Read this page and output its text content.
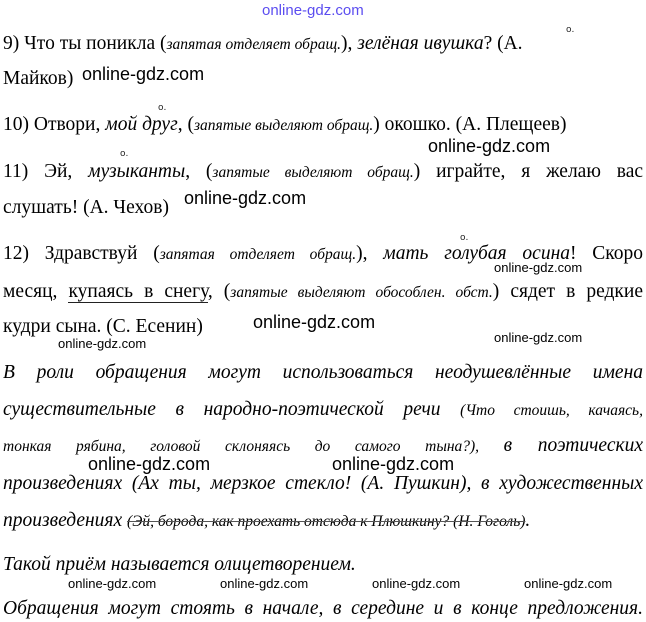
online-gdz.com
о.
9) Что ты поникла (запятая отделяет обращ.), зелёная ивушка? (А.
Майков) online-gdz.com
о.
10) Отвори, мой друг, (запятые выделяют обращ.) окошко. (А. Плещеев)
online-gdz.com
о.
11) Эй, музыканты, (запятые выделяют обращ.) играйте, я желаю вас
слушать! (А. Чехов) online-gdz.com
о.
12) Здравствуй (запятая отделяет обращ.), мать голубая осина! Скоро
online-gdz.com
месяц, купаясь в снегу, (запятые выделяют обособлен. обст.) сядет в редкие
кудри сына. (С. Есенин)	online-gdz.com
online-gdz.com	online-gdz.com
В роли обращения могут использоваться неодушевлённые имена
существительные в народно-поэтической речи (Что стоишь, качаясь,
тонкая рябина, головой склоняясь до самого тына?), в поэтических
online-gdz.com	online-gdz.com
произведениях (Ах ты, мерзкое стекло! (А. Пушкин), в художественных
произведениях (Эй, борода, как проехать отсюда к Плюшкину? (Н. Гоголь).
Такой приём называется олицетворением.
online-gdz.com	online-gdz.com	online-gdz.com	online-gdz.com
Обращения могут стоять в начале, в середине и в конце предложения.
